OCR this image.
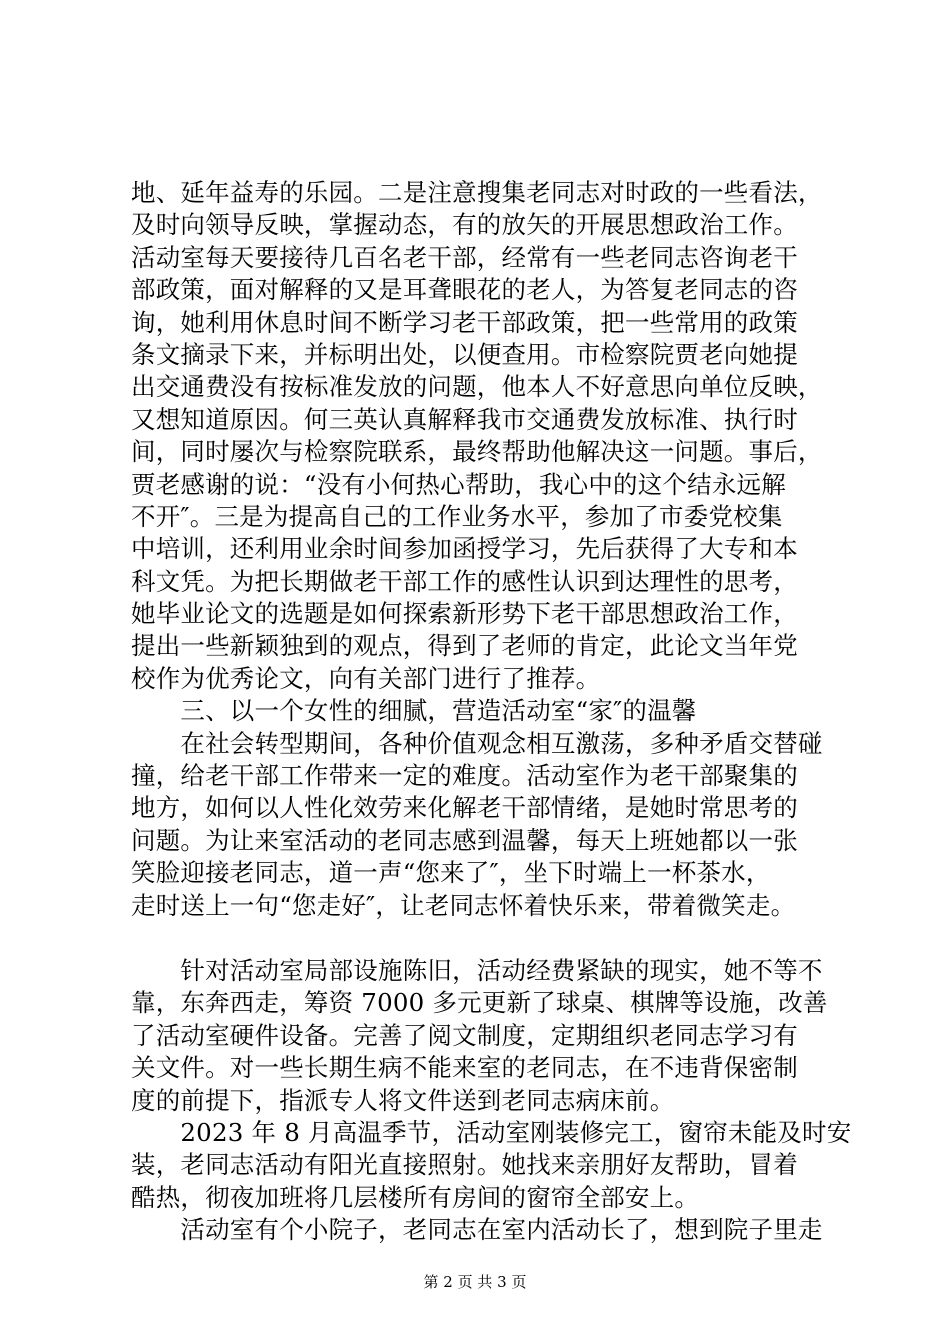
地、延年益寿的乐园。二是注意搜集老同志对时政的一些看法，
及时向领导反映，掌握动态，有的放矢的开展思想政治工作。
活动室每天要接待几百名老干部，经常有一些老同志咨询老干
部政策，面对解释的又是耳聋眼花的老人，为答复老同志的咨
询，她利用休息时间不断学习老干部政策，把一些常用的政策
条文摘录下来，并标明出处，以便查用。市检察院贾老向她提
出交通费没有按标准发放的问题，他本人不好意思向单位反映，
又想知道原因。何三英认真解释我市交通费发放标准、执行时
间，同时屡次与检察院联系，最终帮助他解决这一问题。事后，
贾老感谢的说：“没有小何热心帮助，我心中的这个结永远解
不开″。三是为提高自己的工作业务水平，参加了市委党校集
中培训，还利用业余时间参加函授学习，先后获得了大专和本
科文凭。为把长期做老干部工作的感性认识到达理性的思考，
她毕业论文的选题是如何探索新形势下老干部思想政治工作，
提出一些新颖独到的观点，得到了老师的肯定，此论文当年党
校作为优秀论文，向有关部门进行了推荐。
　　三、以一个女性的细腻，营造活动室“家″的温馨
　　在社会转型期间，各种价值观念相互激荡，多种矛盾交替碰
撞，给老干部工作带来一定的难度。活动室作为老干部聚集的
地方，如何以人性化效劳来化解老干部情绪，是她时常思考的
问题。为让来室活动的老同志感到温馨，每天上班她都以一张
笑脸迎接老同志，道一声“您来了″，坐下时端上一杯茶水，
走时送上一句“您走好″，让老同志怀着快乐来，带着微笑走。
　　针对活动室局部设施陈旧，活动经费紧缺的现实，她不等不
靠，东奔西走，筹资 7000 多元更新了球桌、棋牌等设施，改善
了活动室硬件设备。完善了阅文制度，定期组织老同志学习有
关文件。对一些长期生病不能来室的老同志，在不违背保密制
度的前提下，指派专人将文件送到老同志病床前。
　　2023 年 8 月高温季节，活动室刚装修完工，窗帘未能及时安
装，老同志活动有阳光直接照射。她找来亲朋好友帮助，冒着
酷热，彻夜加班将几层楼所有房间的窗帘全部安上。
　　活动室有个小院子，老同志在室内活动长了，想到院子里走
第 2 页 共 3 页
